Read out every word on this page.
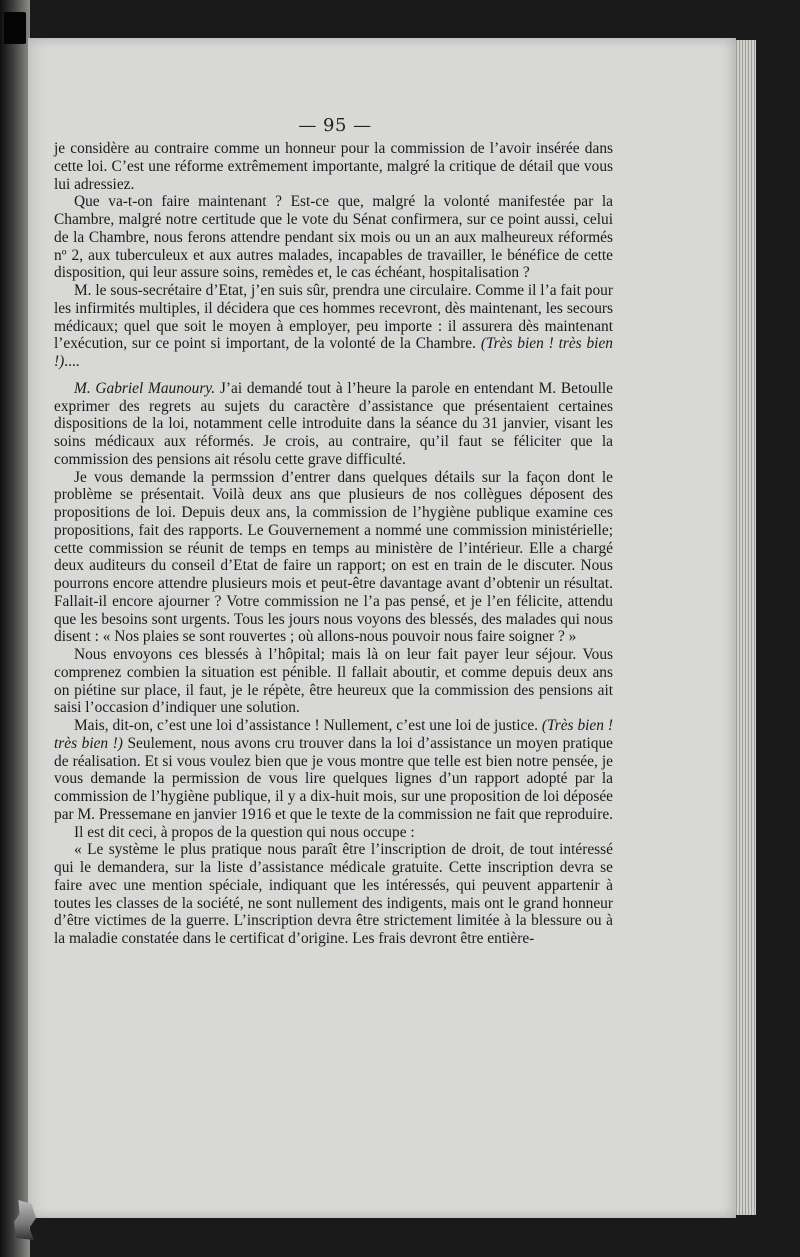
— 95 —

je considère au contraire comme un honneur pour la commission de l’avoir insérée dans cette loi. C’est une réforme extrêmement importante, malgré la critique de détail que vous lui adressiez.

Que va-t-on faire maintenant ? Est-ce que, malgré la volonté manifestée par la Chambre, malgré notre certitude que le vote du Sénat confirmera, sur ce point aussi, celui de la Chambre, nous ferons attendre pendant six mois ou un an aux malheureux réformés nº 2, aux tuberculeux et aux autres malades, incapables de travailler, le bénéfice de cette disposition, qui leur assure soins, remèdes et, le cas échéant, hospitalisation ?

M. le sous-secrétaire d’Etat, j’en suis sûr, prendra une circulaire. Comme il l’a fait pour les infirmités multiples, il décidera que ces hommes recevront, dès maintenant, les secours médicaux; quel que soit le moyen à employer, peu importe : il assurera dès maintenant l’exécution, sur ce point si important, de la volonté de la Chambre. (Très bien ! très bien !)....

M. Gabriel Maunoury. J’ai demandé tout à l’heure la parole en entendant M. Betoulle exprimer des regrets au sujets du caractère d’assistance que présentaient certaines dispositions de la loi, notamment celle introduite dans la séance du 31 janvier, visant les soins médicaux aux réformés. Je crois, au contraire, qu’il faut se féliciter que la commission des pensions ait résolu cette grave difficulté.

Je vous demande la permssion d’entrer dans quelques détails sur la façon dont le problème se présentait. Voilà deux ans que plusieurs de nos collègues déposent des propositions de loi. Depuis deux ans, la commission de l’hygiène publique examine ces propositions, fait des rapports. Le Gouvernement a nommé une commission ministérielle; cette commission se réunit de temps en temps au ministère de l’intérieur. Elle a chargé deux auditeurs du conseil d’Etat de faire un rapport; on est en train de le discuter. Nous pourrons encore attendre plusieurs mois et peut-être davantage avant d’obtenir un résultat. Fallait-il encore ajourner ? Votre commission ne l’a pas pensé, et je l’en félicite, attendu que les besoins sont urgents. Tous les jours nous voyons des blessés, des malades qui nous disent : « Nos plaies se sont rouvertes ; où allons-nous pouvoir nous faire soigner ? »

Nous envoyons ces blessés à l’hôpital; mais là on leur fait payer leur séjour. Vous comprenez combien la situation est pénible. Il fallait aboutir, et comme depuis deux ans on piétine sur place, il faut, je le répète, être heureux que la commission des pensions ait saisi l’occasion d’indiquer une solution.

Mais, dit-on, c’est une loi d’assistance ! Nullement, c’est une loi de justice. (Très bien ! très bien !) Seulement, nous avons cru trouver dans la loi d’assistance un moyen pratique de réalisation. Et si vous voulez bien que je vous montre que telle est bien notre pensée, je vous demande la permission de vous lire quelques lignes d’un rapport adopté par la commission de l’hygiène publique, il y a dix-huit mois, sur une proposition de loi déposée par M. Pressemane en janvier 1916 et que le texte de la commission ne fait que reproduire.

Il est dit ceci, à propos de la question qui nous occupe :

« Le système le plus pratique nous paraît être l’inscription de droit, de tout intéressé qui le demandera, sur la liste d’assistance médicale gratuite. Cette inscription devra se faire avec une mention spéciale, indiquant que les intéressés, qui peuvent appartenir à toutes les classes de la société, ne sont nullement des indigents, mais ont le grand honneur d’être victimes de la guerre. L’inscription devra être strictement limitée à la blessure ou à la maladie constatée dans le certificat d’origine. Les frais devront être entière-
